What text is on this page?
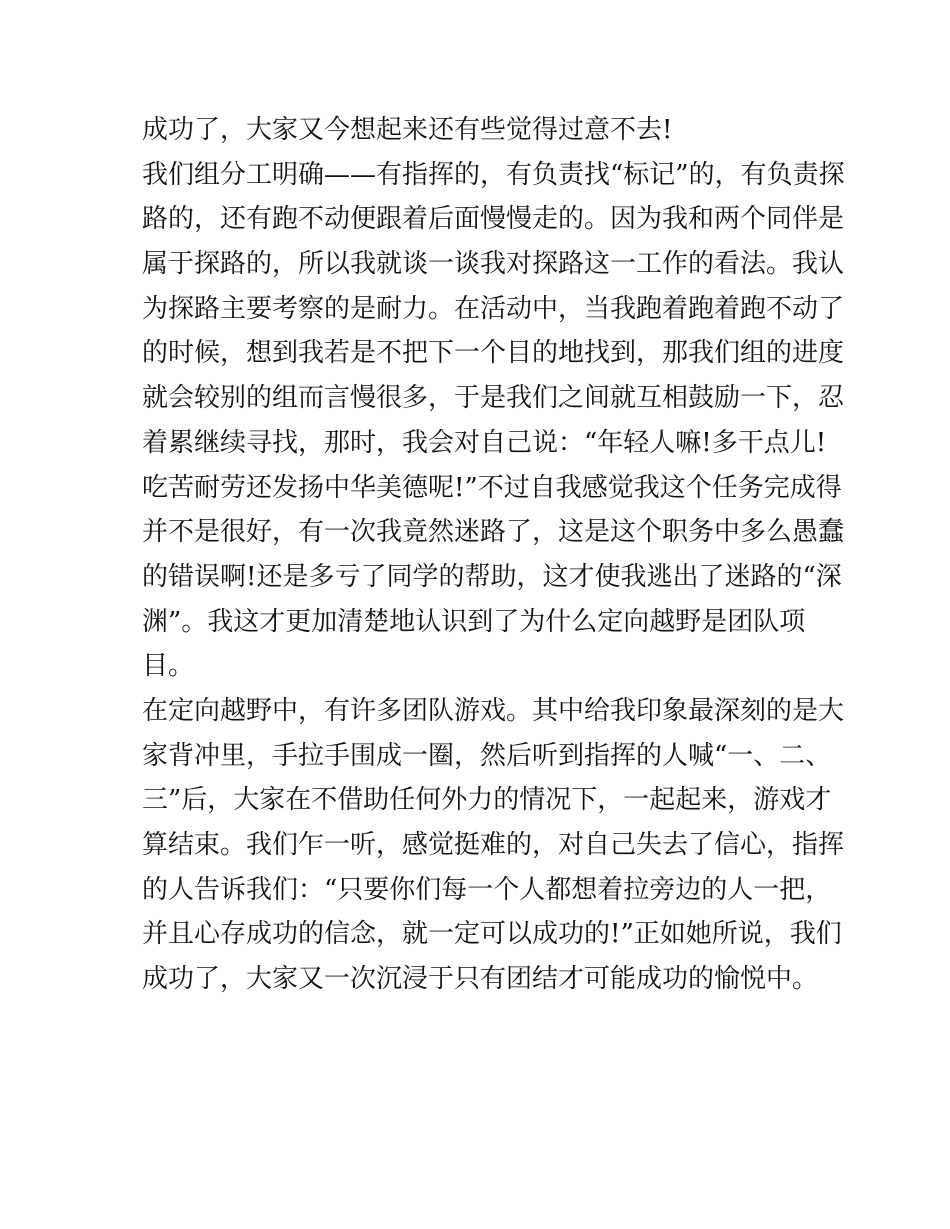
成功了，大家又今想起来还有些觉得过意不去!
我们组分工明确——有指挥的，有负责找“标记”的，有负责探
路的，还有跑不动便跟着后面慢慢走的。因为我和两个同伴是
属于探路的，所以我就谈一谈我对探路这一工作的看法。我认
为探路主要考察的是耐力。在活动中，当我跑着跑着跑不动了
的时候，想到我若是不把下一个目的地找到，那我们组的进度
就会较别的组而言慢很多，于是我们之间就互相鼓励一下，忍
着累继续寻找，那时，我会对自己说：“年轻人嘛!多干点儿!
吃苦耐劳还发扬中华美德呢!”不过自我感觉我这个任务完成得
并不是很好，有一次我竟然迷路了，这是这个职务中多么愚蠢
的错误啊!还是多亏了同学的帮助，这才使我逃出了迷路的“深
渊”。我这才更加清楚地认识到了为什么定向越野是团队项
目。
在定向越野中，有许多团队游戏。其中给我印象最深刻的是大
家背冲里，手拉手围成一圈，然后听到指挥的人喊“一、二、
三”后，大家在不借助任何外力的情况下，一起起来，游戏才
算结束。我们乍一听，感觉挺难的，对自己失去了信心，指挥
的人告诉我们：“只要你们每一个人都想着拉旁边的人一把，
并且心存成功的信念，就一定可以成功的!”正如她所说，我们
成功了，大家又一次沉浸于只有团结才可能成功的愉悦中。
